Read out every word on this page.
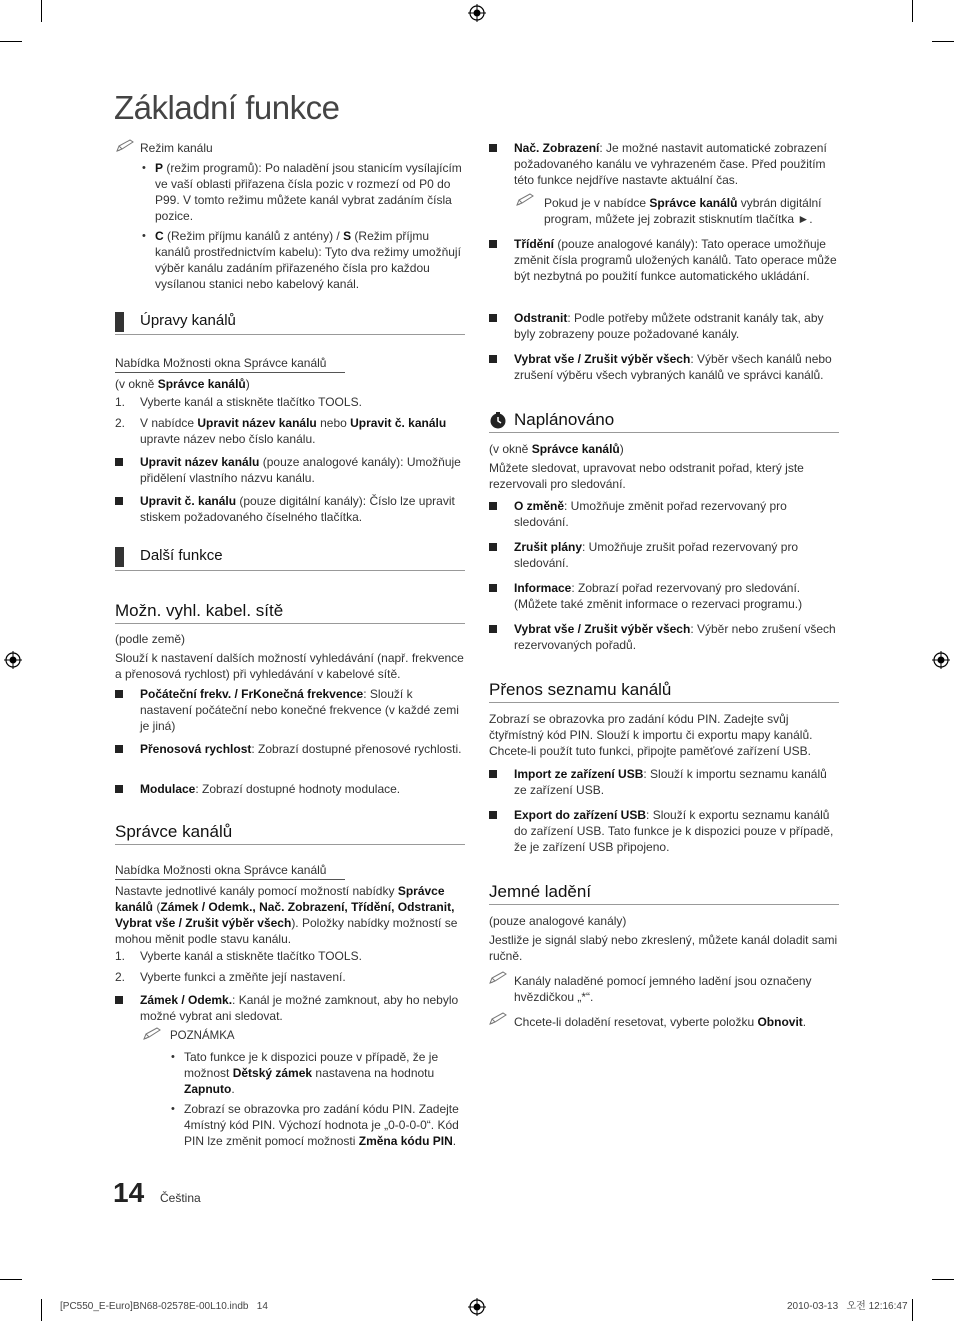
Základní funkce
Režim kanálu
• P (režim programů): Po naladění jsou stanicím vysílajícím ve vaší oblasti přiřazena čísla pozic v rozmezí od P0 do P99. V tomto režimu můžete kanál vybrat zadáním čísla pozice.
• C (Režim příjmu kanálů z antény) / S (Režim příjmu kanálů prostřednictvím kabelu): Tyto dva režimy umožňují výběr kanálu zadáním přiřazeného čísla pro každou vysílanou stanici nebo kabelový kanál.
Úpravy kanálů
Nabídka Možnosti okna Správce kanálů
(v okně Správce kanálů)
1. Vyberte kanál a stiskněte tlačítko TOOLS.
2. V nabídce Upravit název kanálu nebo Upravit č. kanálu upravte název nebo číslo kanálu.
Upravit název kanálu (pouze analogové kanály): Umožňuje přidělení vlastního názvu kanálu.
Upravit č. kanálu (pouze digitální kanály): Číslo lze upravit stiskem požadovaného číselného tlačítka.
Další funkce
Možn. vyhl. kabel. sítě
(podle země)
Slouží k nastavení dalších možností vyhledávání (např. frekvence a přenosová rychlost) při vyhledávání v kabelové sítě.
Počáteční frekv. / FrKonečná frekvence: Slouží k nastavení počáteční nebo konečné frekvence (v každé zemi je jiná)
Přenosová rychlost: Zobrazí dostupné přenosové rychlosti.
Modulace: Zobrazí dostupné hodnoty modulace.
Správce kanálů
Nabídka Možnosti okna Správce kanálů
Nastavte jednotlivé kanály pomocí možností nabídky Správce kanálů (Zámek / Odemk., Nač. Zobrazení, Třídění, Odstranit, Vybrat vše / Zrušit výběr všech). Položky nabídky možností se mohou měnit podle stavu kanálu.
1. Vyberte kanál a stiskněte tlačítko TOOLS.
2. Vyberte funkci a změňte její nastavení.
Zámek / Odemk.: Kanál je možné zamknout, aby ho nebylo možné vybrat ani sledovat.
POZNÁMKA
• Tato funkce je k dispozici pouze v případě, že je možnost Dětský zámek nastavena na hodnotu Zapnuto.
• Zobrazí se obrazovka pro zadání kódu PIN. Zadejte 4místný kód PIN. Výchozí hodnota je „0-0-0-0“. Kód PIN lze změnit pomocí možnosti Změna kódu PIN.
14 Čeština
Nač. Zobrazení: Je možné nastavit automatické zobrazení požadovaného kanálu ve vyhrazeném čase. Před použitím této funkce nejdříve nastavte aktuální čas.
Pokud je v nabídce Správce kanálů vybrán digitální program, můžete jej zobrazit stisknutím tlačítka ►.
Třídění (pouze analogové kanály): Tato operace umožňuje změnit čísla programů uložených kanálů. Tato operace může být nezbytná po použití funkce automatického ukládání.
Odstranit: Podle potřeby můžete odstranit kanály tak, aby byly zobrazeny pouze požadované kanály.
Vybrat vše / Zrušit výběr všech: Výběr všech kanálů nebo zrušení výběru všech vybraných kanálů ve správci kanálů.
Naplánováno
(v okně Správce kanálů)
Můžete sledovat, upravovat nebo odstranit pořad, který jste rezervovali pro sledování.
O změně: Umožňuje změnit pořad rezervovaný pro sledování.
Zrušit plány: Umožňuje zrušit pořad rezervovaný pro sledování.
Informace: Zobrazí pořad rezervovaný pro sledování. (Můžete také změnit informace o rezervaci programu.)
Vybrat vše / Zrušit výběr všech: Výběr nebo zrušení všech rezervovaných pořadů.
Přenos seznamu kanálů
Zobrazí se obrazovka pro zadání kódu PIN. Zadejte svůj čtyřmístný kód PIN. Slouží k importu či exportu mapy kanálů. Chcete-li použít tuto funkci, připojte paměťové zařízení USB.
Import ze zařízení USB: Slouží k importu seznamu kanálů ze zařízení USB.
Export do zařízení USB: Slouží k exportu seznamu kanálů do zařízení USB. Tato funkce je k dispozici pouze v případě, že je zařízení USB připojeno.
Jemné ladění
(pouze analogové kanály)
Jestliže je signál slabý nebo zkreslený, můžete kanál doladit sami ručně.
Kanály naladěné pomocí jemného ladění jsou označeny hvězdičkou „*“.
Chcete-li doladění resetovat, vyberte položku Obnovit.
[PC550_E-Euro]BN68-02578E-00L10.indb   14	2010-03-13   오전 12:16:47
